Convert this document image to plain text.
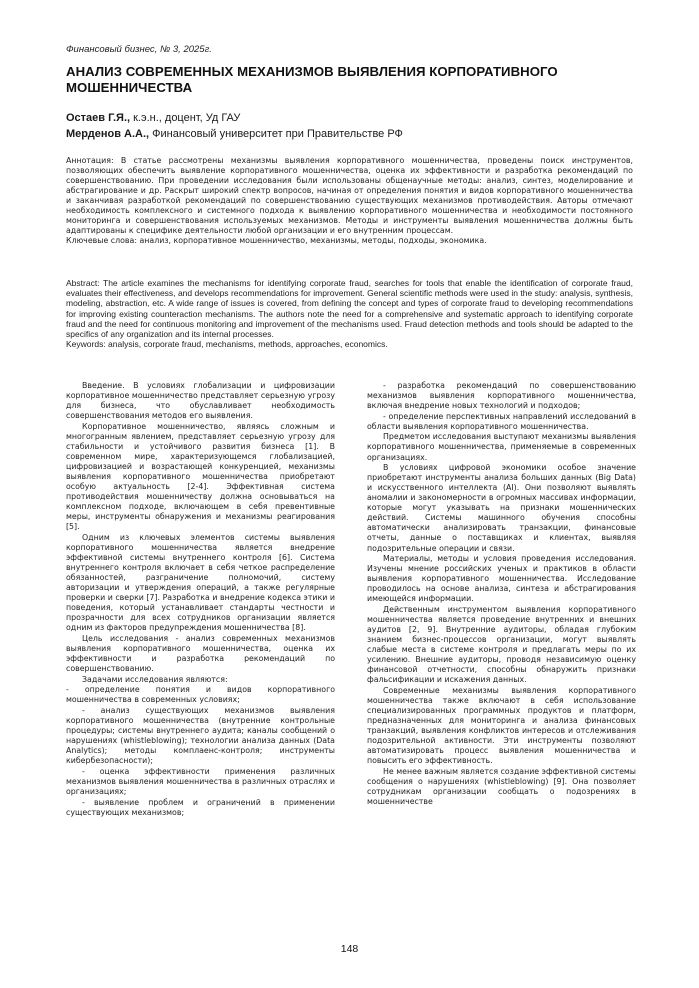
Финансовый бизнес, № 3, 2025г.
АНАЛИЗ СОВРЕМЕННЫХ МЕХАНИЗМОВ ВЫЯВЛЕНИЯ КОРПОРАТИВНОГО МОШЕННИЧЕСТВА
Остаев Г.Я., к.э.н., доцент, Уд ГАУ
Мерденов А.А., Финансовый университет при Правительстве РФ
Аннотация: В статье рассмотрены механизмы выявления корпоративного мошенничества, проведены поиск инструментов, позволяющих обеспечить выявление корпоративного мошенничества, оценка их эффективности и разработка рекомендаций по совершенствованию. При проведении исследования были использованы общенаучные методы: анализ, синтез, моделирование и абстрагирование и др. Раскрыт широкий спектр вопросов, начиная от определения понятия и видов корпоративного мошенничества и заканчивая разработкой рекомендаций по совершенствованию существующих механизмов противодействия. Авторы отмечают необходимость комплексного и системного подхода к выявлению корпоративного мошенничества и необходимости постоянного мониторинга и совершенствования используемых механизмов. Методы и инструменты выявления мошенничества должны быть адаптированы к специфике деятельности любой организации и его внутренним процессам.
Ключевые слова: анализ, корпоративное мошенничество, механизмы, методы, подходы, экономика.
Abstract: The article examines the mechanisms for identifying corporate fraud, searches for tools that enable the identification of corporate fraud, evaluates their effectiveness, and develops recommendations for improvement. General scientific methods were used in the study: analysis, synthesis, modeling, abstraction, etc. A wide range of issues is covered, from defining the concept and types of corporate fraud to developing recommendations for improving existing counteraction mechanisms. The authors note the need for a comprehensive and systematic approach to identifying corporate fraud and the need for continuous monitoring and improvement of the mechanisms used. Fraud detection methods and tools should be adapted to the specifics of any organization and its internal processes.
Keywords: analysis, corporate fraud, mechanisms, methods, approaches, economics.

Введение. В условиях глобализации и цифровизации корпоративное мошенничество представляет серьезную угрозу для бизнеса, что обуславливает необходимость совершенствования методов его выявления.

Корпоративное мошенничество, являясь сложным и многогранным явлением, представляет серьезную угрозу для стабильности и устойчивого развития бизнеса [1]. В современном мире, характеризующемся глобализацией, цифровизацией и возрастающей конкуренцией, механизмы выявления корпоративного мошенничества приобретают особую актуальность [2-4]. Эффективная система противодействия мошенничеству должна основываться на комплексном подходе, включающем в себя превентивные меры, инструменты обнаружения и механизмы реагирования [5].

Одним из ключевых элементов системы выявления корпоративного мошенничества является внедрение эффективной системы внутреннего контроля [6]. Система внутреннего контроля включает в себя четкое распределение обязанностей, разграничение полномочий, систему авторизации и утверждения операций, а также регулярные проверки и сверки [7]. Разработка и внедрение кодекса этики и поведения, который устанавливает стандарты честности и прозрачности для всех сотрудников организации является одним из факторов предупреждения мошенничества [8].

Цель исследования - анализ современных механизмов выявления корпоративного мошенничества, оценка их эффективности и разработка рекомендаций по совершенствованию.

Задачами исследования являются:

- определение понятия и видов корпоративного мошенничества в современных условиях;

- анализ существующих механизмов выявления корпоративного мошенничества (внутренние контрольные процедуры; системы внутреннего аудита; каналы сообщений о нарушениях (whistleblowing); технологии анализа данных (Data Analytics); методы комплаенс-контроля; инструменты кибербезопасности);

- оценка эффективности применения различных механизмов выявления мошенничества в различных отраслях и организациях;

- выявление проблем и ограничений в применении существующих механизмов;

- разработка рекомендаций по совершенствованию механизмов выявления корпоративного мошенничества, включая внедрение новых технологий и подходов;

- определение перспективных направлений исследований в области выявления корпоративного мошенничества.

Предметом исследования выступают механизмы выявления корпоративного мошенничества, применяемые в современных организациях.

В условиях цифровой экономики особое значение приобретают инструменты анализа больших данных (Big Data) и искусственного интеллекта (AI). Они позволяют выявлять аномалии и закономерности в огромных массивах информации, которые могут указывать на признаки мошеннических действий. Системы машинного обучения способны автоматически анализировать транзакции, финансовые отчеты, данные о поставщиках и клиентах, выявляя подозрительные операции и связи.

Материалы, методы и условия проведения исследования. Изучены мнение российских ученых и практиков в области выявления корпоративного мошенничества. Исследование проводилось на основе анализа, синтеза и абстрагирования имеющейся информации.

Действенным инструментом выявления корпоративного мошенничества является проведение внутренних и внешних аудитов [2, 9]. Внутренние аудиторы, обладая глубоким знанием бизнес-процессов организации, могут выявлять слабые места в системе контроля и предлагать меры по их усилению. Внешние аудиторы, проводя независимую оценку финансовой отчетности, способны обнаружить признаки фальсификации и искажения данных.

Современные механизмы выявления корпоративного мошенничества также включают в себя использование специализированных программных продуктов и платформ, предназначенных для мониторинга и анализа финансовых транзакций, выявления конфликтов интересов и отслеживания подозрительной активности. Эти инструменты позволяют автоматизировать процесс выявления мошенничества и повысить его эффективность.

Не менее важным является создание эффективной системы сообщения о нарушениях (whistleblowing) [9]. Она позволяет сотрудникам организации сообщать о подозрениях в мошенничестве

148
